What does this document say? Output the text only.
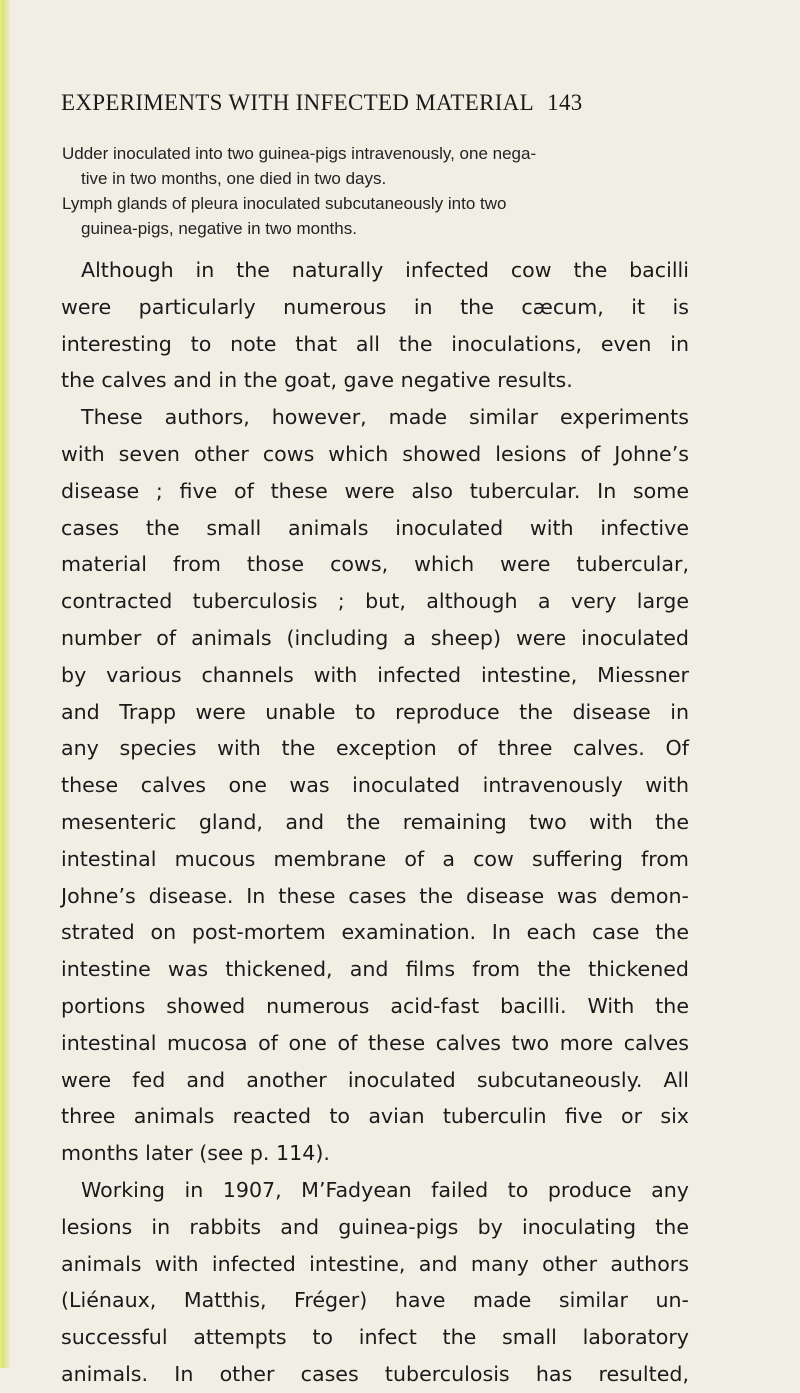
EXPERIMENTS WITH INFECTED MATERIAL 143

Udder inoculated into two guinea-pigs intravenously, one nega-
tive in two months, one died in two days.

Lymph glands of pleura inoculated subcutaneously into two
guinea-pigs, negative in two months.

Although in the naturally infected cow the bacilli
were particularly numerous in the cæcum, it is
interesting to note that all the inoculations, even in
the calves and in the goat, gave negative results.
These authors, however, made similar experiments
with seven other cows which showed lesions of Johne’s
disease ; five of these were also tubercular. In some
cases the small animals inoculated with infective
material from those cows, which were tubercular,
contracted tuberculosis ; but, although a very large
number of animals (including a sheep) were inoculated
by various channels with infected intestine, Miessner
and Trapp were unable to reproduce the disease in
any species with the exception of three calves. Of
these calves one was inoculated intravenously with
mesenteric gland, and the remaining two with the
intestinal mucous membrane of a cow suffering from
Johne’s disease. In these cases the disease was demon-
strated on post-mortem examination. In each case the
intestine was thickened, and films from the thickened
portions showed numerous acid-fast bacilli. With the
intestinal mucosa of one of these calves two more calves
were fed and another inoculated subcutaneously. All
three animals reacted to avian tuberculin five or six
months later (see p. 114).
Working in 1907, M’Fadyean failed to produce any
lesions in rabbits and guinea-pigs by inoculating the
animals with infected intestine, and many other authors
(Liénaux, Matthis, Fréger) have made similar un-
successful attempts to infect the small laboratory
animals. In other cases tuberculosis has resulted,
